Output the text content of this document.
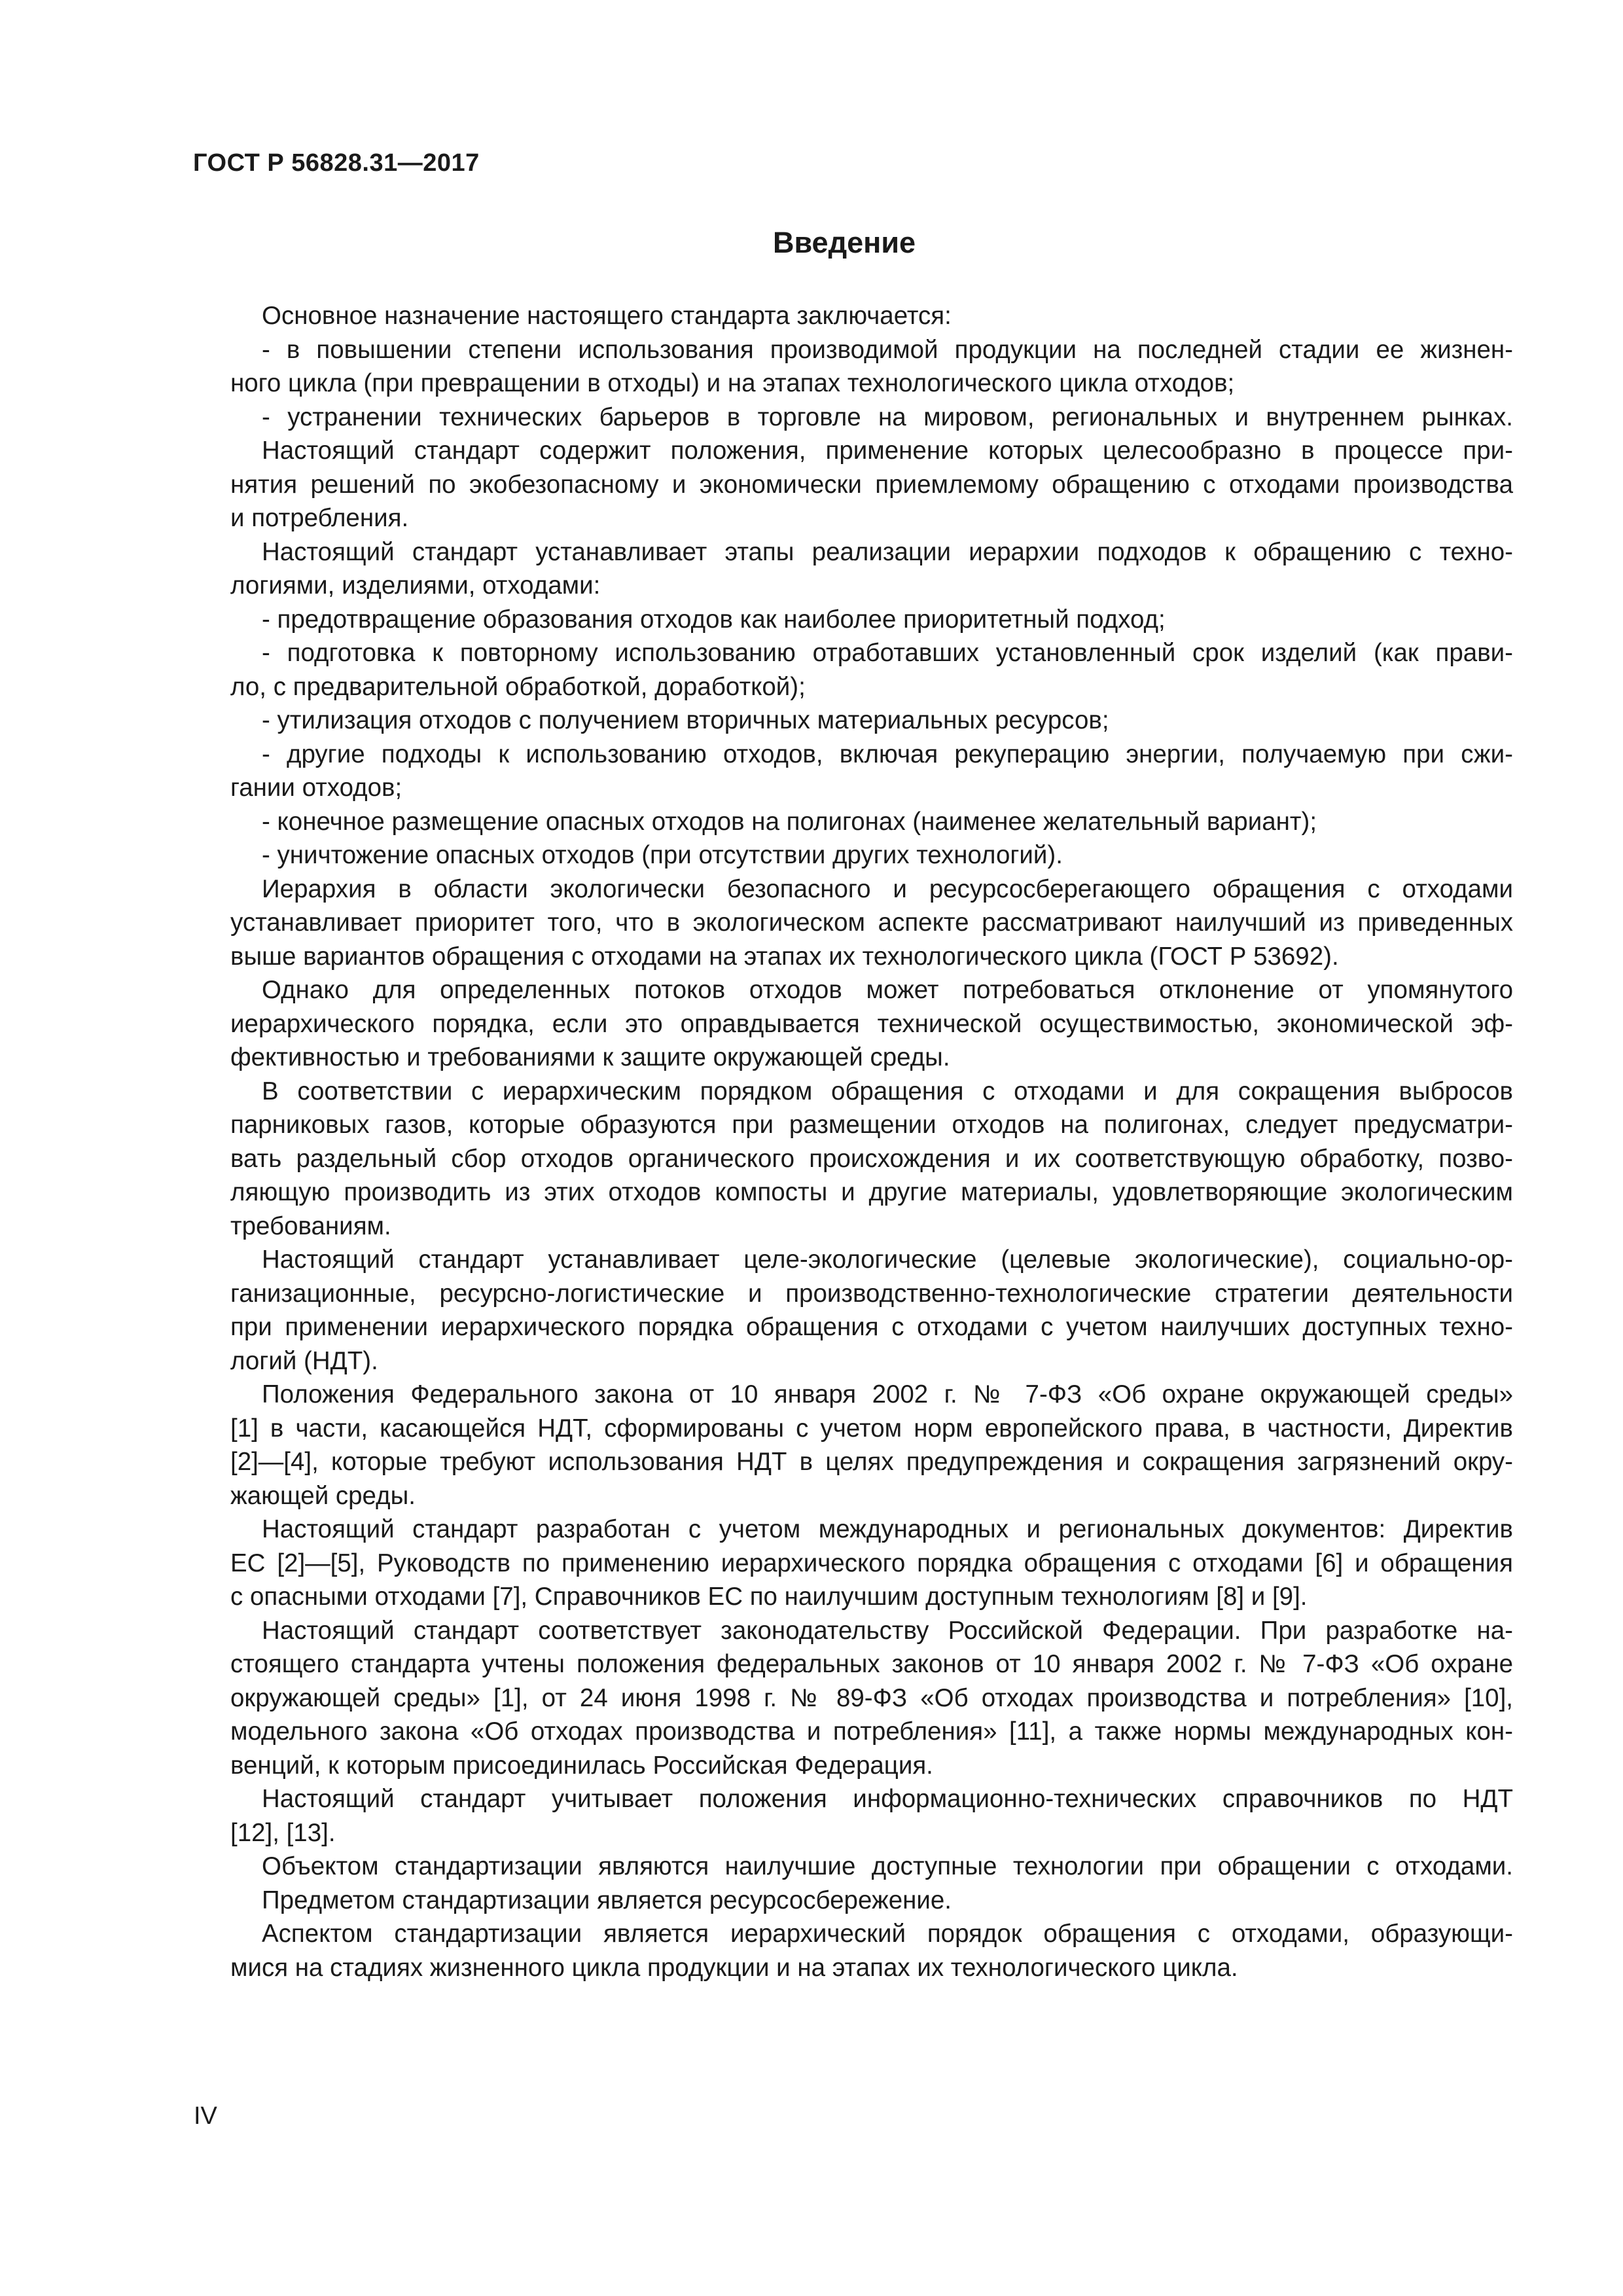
ГОСТ Р 56828.31—2017
Введение
Основное назначение настоящего стандарта заключается:
- в повышении степени использования производимой продукции на последней стадии ее жизнен-
ного цикла (при превращении в отходы) и на этапах технологического цикла отходов;
- устранении технических барьеров в торговле на мировом, региональных и внутреннем рынках.
Настоящий стандарт содержит положения, применение которых целесообразно в процессе при-
нятия решений по экобезопасному и экономически приемлемому обращению с отходами производства
и потребления.
Настоящий стандарт устанавливает этапы реализации иерархии подходов к обращению с техно-
логиями, изделиями, отходами:
- предотвращение образования отходов как наиболее приоритетный подход;
- подготовка к повторному использованию отработавших установленный срок изделий (как прави-
ло, с предварительной обработкой, доработкой);
- утилизация отходов с получением вторичных материальных ресурсов;
- другие подходы к использованию отходов, включая рекуперацию энергии, получаемую при сжи-
гании отходов;
- конечное размещение опасных отходов на полигонах (наименее желательный вариант);
- уничтожение опасных отходов (при отсутствии других технологий).
Иерархия в области экологически безопасного и ресурсосберегающего обращения с отходами
устанавливает приоритет того, что в экологическом аспекте рассматривают наилучший из приведенных
выше вариантов обращения с отходами на этапах их технологического цикла (ГОСТ Р 53692).
Однако для определенных потоков отходов может потребоваться отклонение от упомянутого
иерархического порядка, если это оправдывается технической осуществимостью, экономической эф-
фективностью и требованиями к защите окружающей среды.
В соответствии с иерархическим порядком обращения с отходами и для сокращения выбросов
парниковых газов, которые образуются при размещении отходов на полигонах, следует предусматри-
вать раздельный сбор отходов органического происхождения и их соответствующую обработку, позво-
ляющую производить из этих отходов компосты и другие материалы, удовлетворяющие экологическим
требованиям.
Настоящий стандарт устанавливает целе-экологические (целевые экологические), социально-ор-
ганизационные, ресурсно-логистические и производственно-технологические стратегии деятельности
при применении иерархического порядка обращения с отходами с учетом наилучших доступных техно-
логий (НДТ).
Положения Федерального закона от 10 января 2002 г. № 7-ФЗ «Об охране окружающей среды»
[1] в части, касающейся НДТ, сформированы с учетом норм европейского права, в частности, Директив
[2]—[4], которые требуют использования НДТ в целях предупреждения и сокращения загрязнений окру-
жающей среды.
Настоящий стандарт разработан с учетом международных и региональных документов: Директив
ЕС [2]—[5], Руководств по применению иерархического порядка обращения с отходами [6] и обращения
с опасными отходами [7], Справочников ЕС по наилучшим доступным технологиям [8] и [9].
Настоящий стандарт соответствует законодательству Российской Федерации. При разработке на-
стоящего стандарта учтены положения федеральных законов от 10 января 2002 г. № 7-ФЗ «Об охране
окружающей среды» [1], от 24 июня 1998 г. № 89-ФЗ «Об отходах производства и потребления» [10],
модельного закона «Об отходах производства и потребления» [11], а также нормы международных кон-
венций, к которым присоединилась Российская Федерация.
Настоящий стандарт учитывает положения информационно-технических справочников по НДТ
[12], [13].
Объектом стандартизации являются наилучшие доступные технологии при обращении с отходами.
Предметом стандартизации является ресурсосбережение.
Аспектом стандартизации является иерархический порядок обращения с отходами, образующи-
мися на стадиях жизненного цикла продукции и на этапах их технологического цикла.
IV
